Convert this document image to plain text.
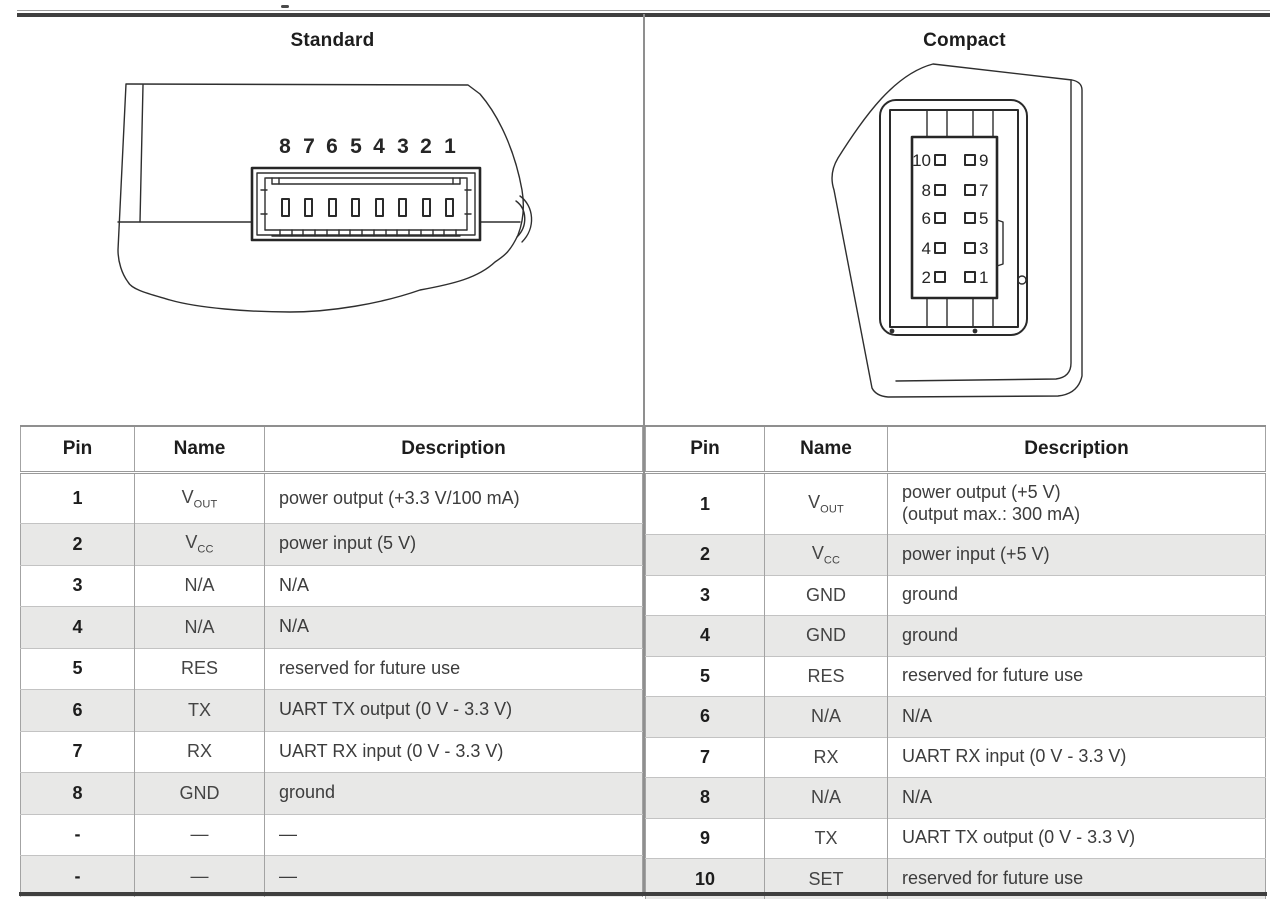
Standard	Compact
8 7 6 5 4 3 2 1
10	9
8	7
6	5
4	3
2	1
Pin	Name	Description
1	$V_{OUT}$	power output (+3.3 V/100 mA)
2	$V_{CC}$	power input (5 V)
3	N/A	N/A
4	N/A	N/A
5	RES	reserved for future use
6	TX	UART TX output (0 V - 3.3 V)
7	RX	UART RX input (0 V - 3.3 V)
8	GND	ground
-	—	—
-	—	—
Pin	Name	Description
1	$V_{OUT}$	power output (+5 V)
(output max.: 300 mA)
2	$V_{CC}$	power input (+5 V)
3	GND	ground
4	GND	ground
5	RES	reserved for future use
6	N/A	N/A
7	RX	UART RX input (0 V - 3.3 V)
8	N/A	N/A
9	TX	UART TX output (0 V - 3.3 V)
10	SET	reserved for future use
